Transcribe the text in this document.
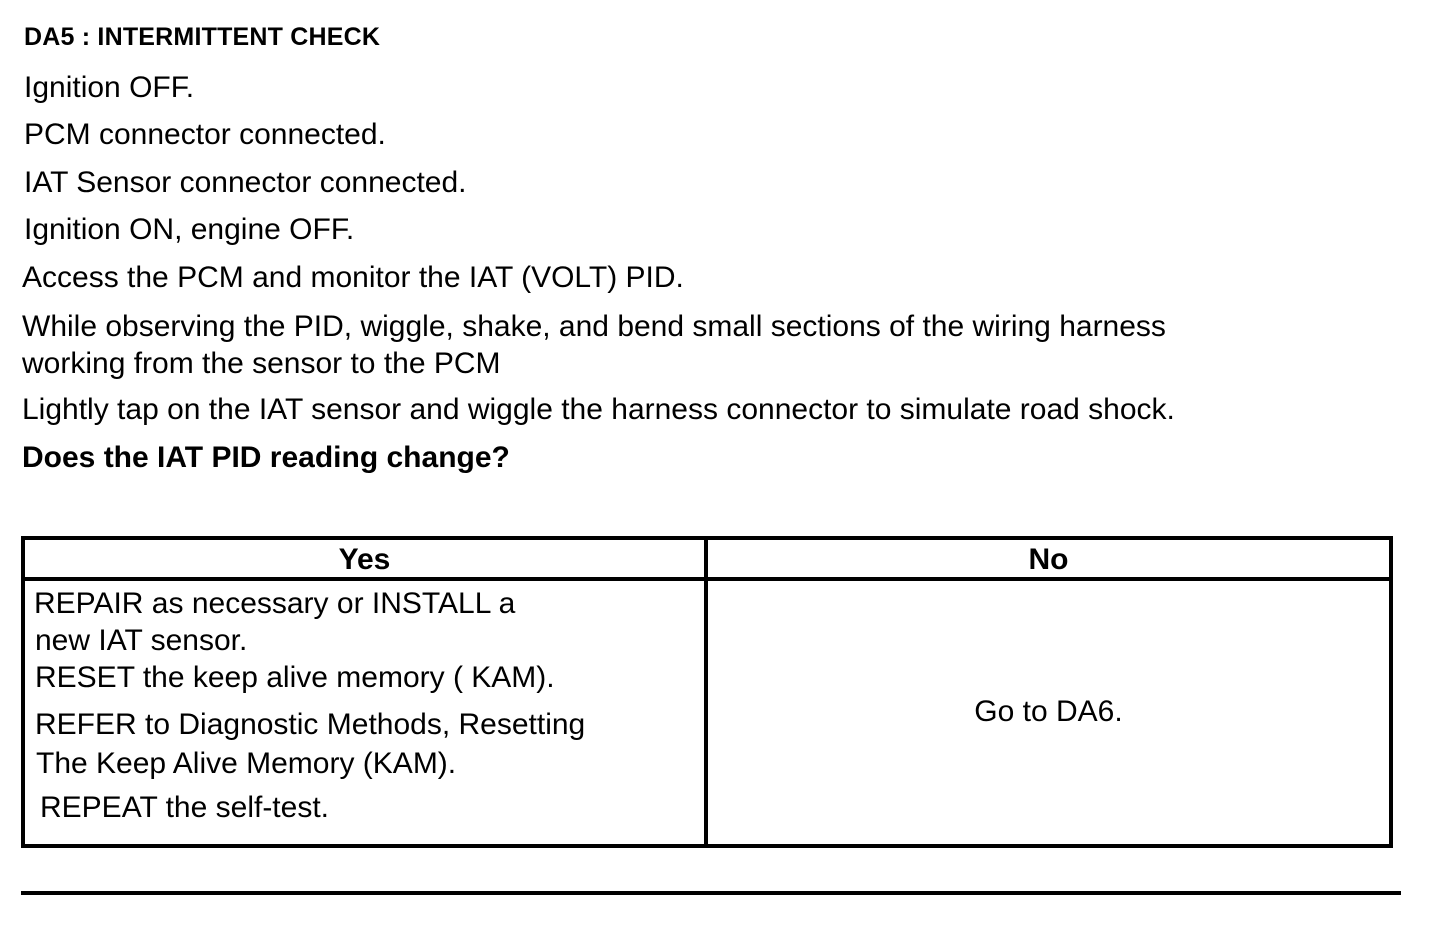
DA5 : INTERMITTENT CHECK
Ignition OFF.
PCM connector connected.
IAT Sensor connector connected.
Ignition ON, engine OFF.
Access the PCM and monitor the IAT (VOLT) PID.
While observing the PID, wiggle, shake, and bend small sections of the wiring harness
working from the sensor to the PCM
Lightly tap on the IAT sensor and wiggle the harness connector to simulate road shock.
Does the IAT PID reading change?
Yes	No
REPAIR as necessary or INSTALL a
new IAT sensor.
RESET the keep alive memory ( KAM).
REFER to Diagnostic Methods, Resetting
The Keep Alive Memory (KAM).
REPEAT the self-test.
Go to DA6.
